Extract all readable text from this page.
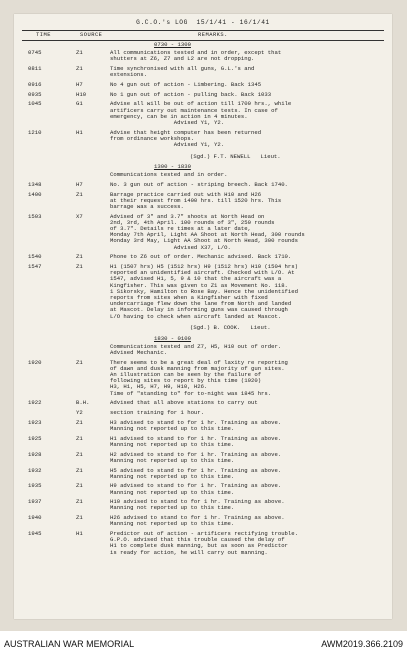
G.C.O.'s LOG  15/1/41 - 16/1/41
TIME	SOURCE	REMARKS.
0730 - 1300
0745	Z1	All communications tested and in order, except that
shutters at Z6, Z7 and L2 are not dropping.
0811	Z1	Time synchronised with all guns, G.L.'s and
extensions.
0916	H7	No 4 gun out of action - Limbering. Back 1345
0935	H10	No 1 gun out of action - pulling back. Back 1033
1045	G1	Advise all will be out of action till 1700 hrs., while
artificers carry out maintenance tests. In case of
emergency, can be in action in 4 minutes.
Advised Y1, Y2.
1210	H1	Advise that height computer has been returned
from ordinance workshops.
Advised Y1, Y2.
(Sgd.) F.T. NEWELL   Lieut.
1300 - 1830
Communications tested and in order.
1348	H7	No. 3 gun out of action - striping breech. Back 1740.
1400	Z1	Barrage practice carried out with H10 and H26
at their request from 1400 hrs. till 1520 hrs. This
barrage was a success.
1503	X7	Advised of 3" and 3.7" shoots at North Head on
2nd, 3rd, 4th April. 100 rounds of 3", 250 rounds
of 3.7". Details re times at a later date,
Monday 7th April, Light AA Shoot at North Head, 300 rounds
Monday 3rd May, Light AA Shoot at North Head, 300 rounds
Advised X37, L/O.
1540	Z1	Phone to Z6 out of order. Mechanic advised. Back 1710.
1547	Z1	H1 (1507 hrs) H5 (1512 hrs) H9 (1512 hrs) H10 (1504 hrs)
reported an unidentified aircraft. Checked with L/O. At
1547, advised H1, 5, 9 & 10 that the aircraft was a
Kingfisher. This was given to Z1 as Movement No. 118.
1 Sikorsky, Hamilton to Rose Bay. Hence the unidentified
reports from sites when a Kingfisher with fixed
undercarriage flew down the lane from North and landed
at Mascot. Delay in informing guns was caused through
L/O having to check when aircraft landed at Mascot.
(Sgd.) B. COOK.   Lieut.
1830 - 0100
Communications tested and Z7, H5, H10 out of order.
Advised Mechanic.
1920	Z1	There seems to be a great deal of laxity re reporting
of dawn and dusk manning from majority of gun sites.
An illustration can be seen by the failure of
following sites to report by this time (1920)
H3, H1, H5, H7, H9, H10, H26.
Time of "standing to" for to-night was 1845 hrs.
1922	B.H.	Advised that all above stations to carry out
Y2	section training for 1 hour.
1923	Z1	H3 advised to stand to for 1 hr. Training as above.
Manning not reported up to this time.
1925	Z1	H1 advised to stand to for 1 hr. Training as above.
Manning not reported up to this time.
1928	Z1	H2 advised to stand to for 1 hr. Training as above.
Manning not reported up to this time.
1932	Z1	H5 advised to stand to for 1 hr. Training as above.
Manning not reported up to this time.
1935	Z1	H9 advised to stand to for 1 hr. Training as above.
Manning not reported up to this time.
1937	Z1	H10 advised to stand to for 1 hr. Training as above.
Manning not reported up to this time.
1940	Z1	H26 advised to stand to for 1 hr. Training as above.
Manning not reported up to this time.
1945	H1	Predictor out of action - artificers rectifying trouble.
G.P.O. advised that this trouble caused the delay of
H1 to complete dusk manning, but as soon as Predictor
is ready for action, he will carry out manning.
AUSTRALIAN WAR MEMORIAL	AWM2019.366.2109
